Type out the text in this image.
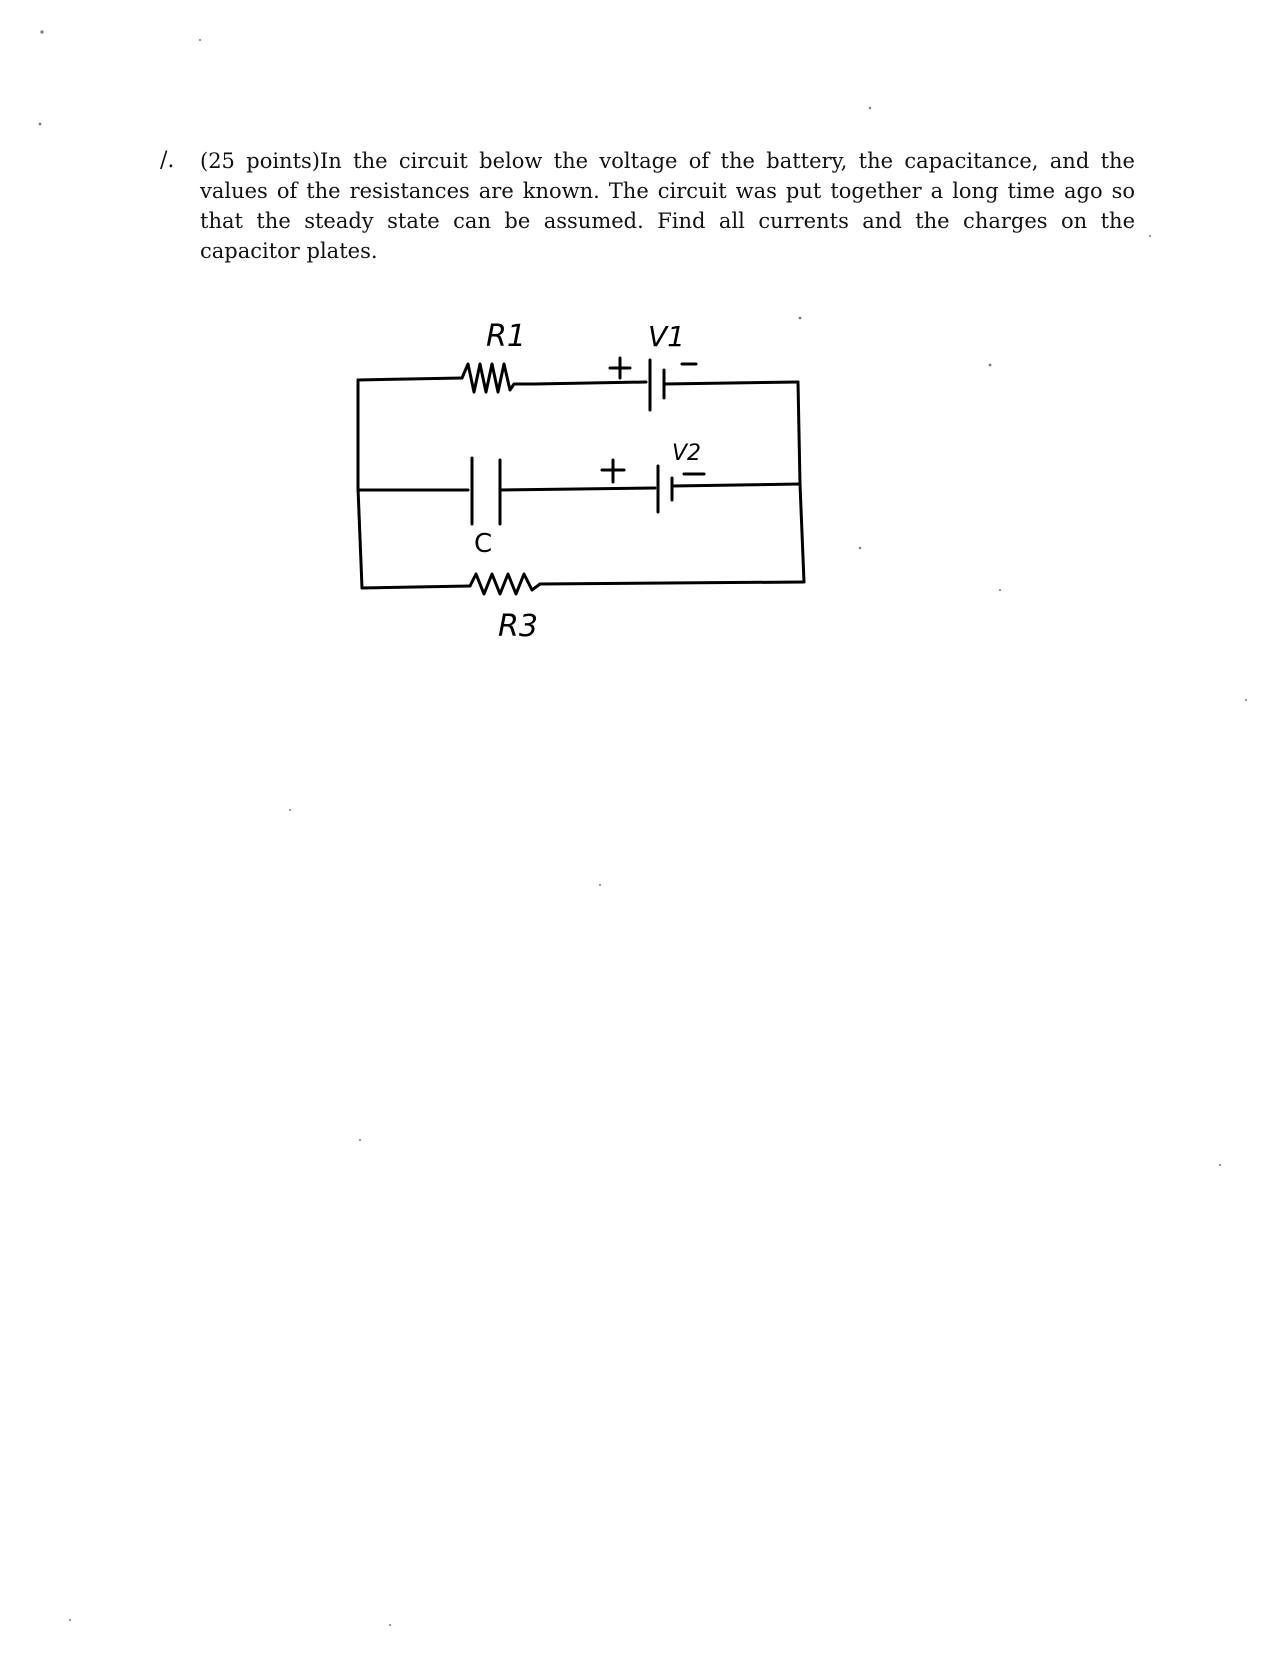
/. (25 points)In the circuit below the voltage of the battery, the capacitance, and the values of the resistances are known. The circuit was put together a long time ago so that the steady state can be assumed. Find all currents and the charges on the capacitor plates.
R1	V1
V2
C
R3
